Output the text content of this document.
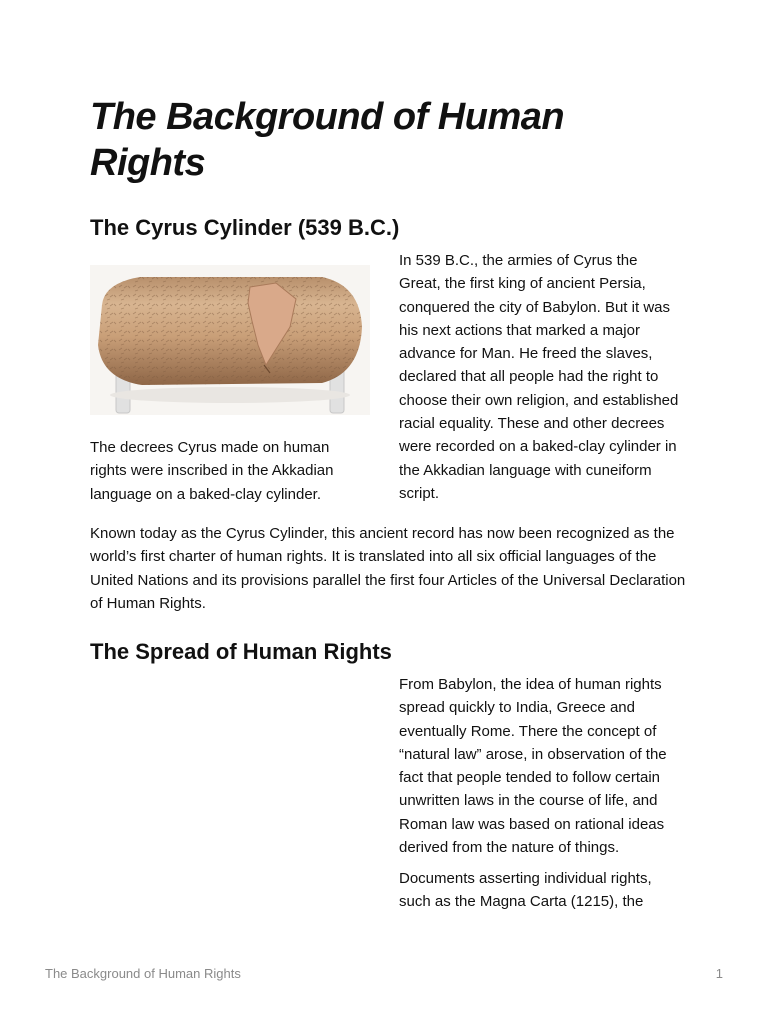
The Background of Human Rights
The Cyrus Cylinder (539 B.C.)

The decrees Cyrus made on human rights were inscribed in the Akkadian language on a baked-clay cylinder.

In 539 B.C., the armies of Cyrus the Great, the first king of ancient Persia, conquered the city of Babylon. But it was his next actions that marked a major advance for Man. He freed the slaves, declared that all people had the right to choose their own religion, and established racial equality. These and other decrees were recorded on a baked-clay cylinder in the Akkadian language with cuneiform script.

Known today as the Cyrus Cylinder, this ancient record has now been recognized as the world’s first charter of human rights. It is translated into all six official languages of the United Nations and its provisions parallel the first four Articles of the Universal Declaration of Human Rights.

The Spread of Human Rights

From Babylon, the idea of human rights spread quickly to India, Greece and eventually Rome. There the concept of “natural law” arose, in observation of the fact that people tended to follow certain unwritten laws in the course of life, and Roman law was based on rational ideas derived from the nature of things.

Documents asserting individual rights, such as the Magna Carta (1215), the

The Background of Human Rights	1
